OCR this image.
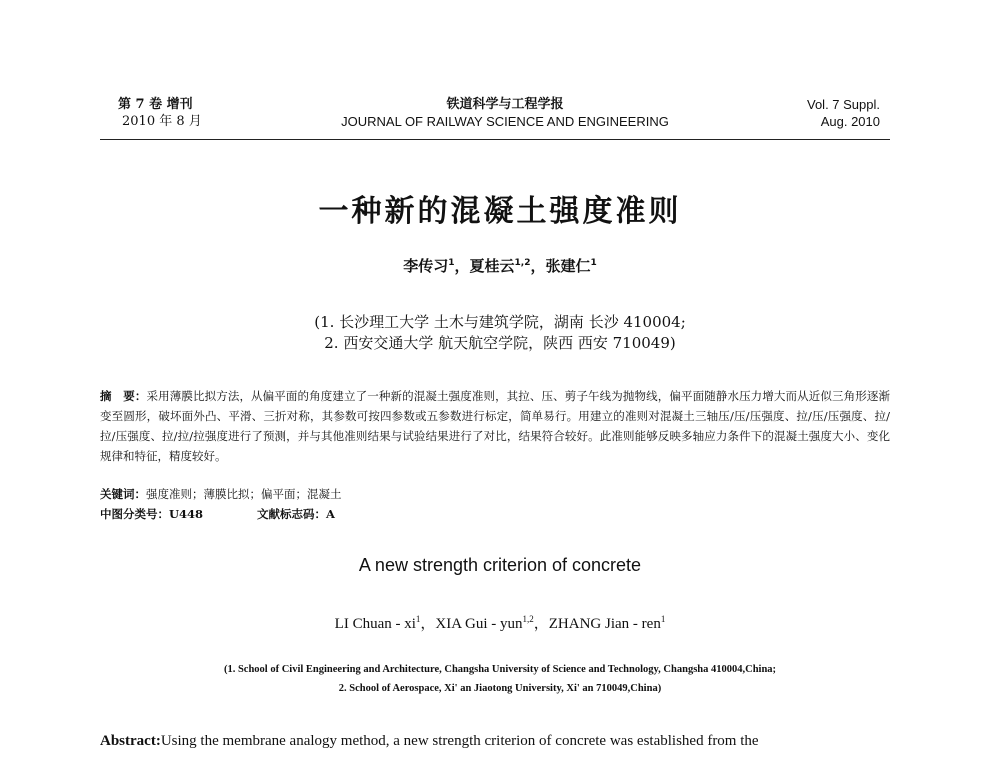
第 7 卷 增刊
2010 年 8 月
铁道科学与工程学报
JOURNAL OF RAILWAY SCIENCE AND ENGINEERING
Vol. 7 Suppl.
Aug. 2010
一种新的混凝土强度准则
李传习$^1$，夏桂云$^{1,2}$，张建仁$^1$
(1. 长沙理工大学 土木与建筑学院，湖南 长沙 410004;
2. 西安交通大学 航天航空学院，陕西 西安 710049)
摘　要：采用薄膜比拟方法，从偏平面的角度建立了一种新的混凝土强度准则，其拉、压、剪子午线为抛物线，偏平面随静水压力增大而从近似三角形逐渐变至圆形，破坏面外凸、平滑、三折对称，其参数可按四参数或五参数进行标定，简单易行。用建立的准则对混凝土三轴压/压/压强度、拉/压/压强度、拉/拉/压强度、拉/拉/拉强度进行了预测，并与其他准则结果与试验结果进行了对比，结果符合较好。此准则能够反映多轴应力条件下的混凝土强度大小、变化规律和特征，精度较好。
关键词：强度准则；薄膜比拟；偏平面；混凝土
中图分类号：U448	文献标志码：A
A new strength criterion of concrete
LI Chuan - $xi^1$，XIA Gui - yun$^{1,2}$，ZHANG Jian - ren$^1$
(1. School of Civil Engineering and Architecture, Changsha University of Science and Technology, Changsha 410004,China;
2. School of Aerospace, Xi' an Jiaotong University, Xi' an 710049,China)
Abstract:Using the membrane analogy method, a new strength criterion of concrete was established from the
